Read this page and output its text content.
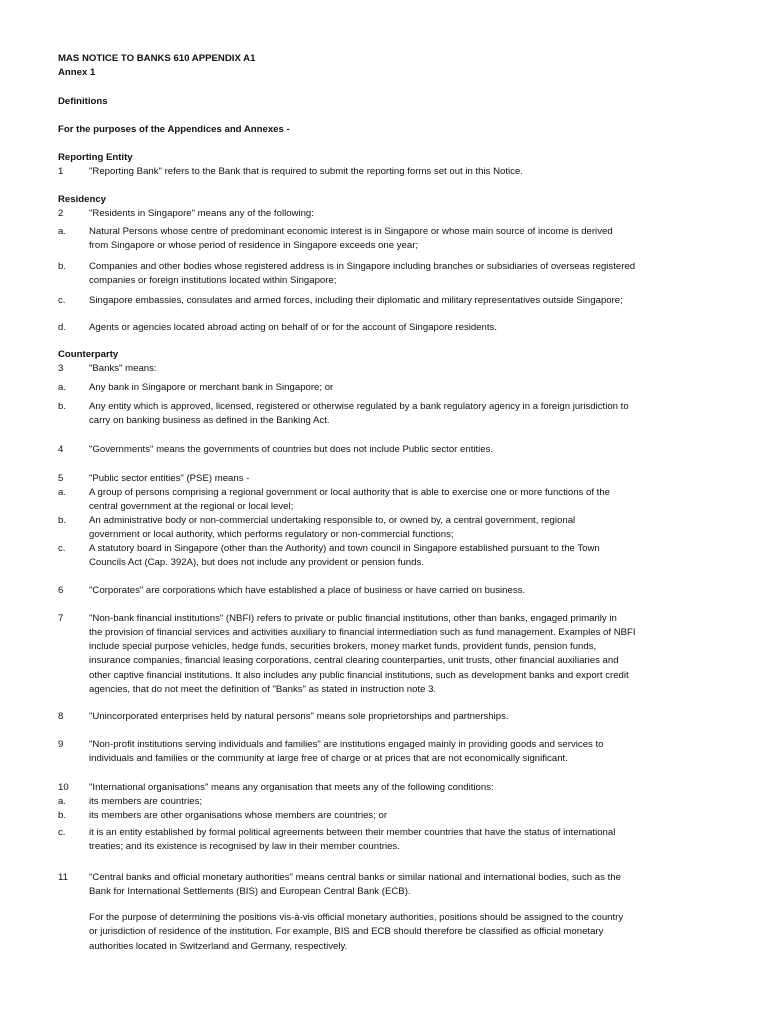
MAS NOTICE TO BANKS 610 APPENDIX A1
Annex 1
Definitions
For the purposes of the Appendices and Annexes -
Reporting Entity
1	"Reporting Bank" refers to the Bank that is required to submit the reporting forms set out in this Notice.
Residency
2	"Residents in Singapore" means any of the following:
a. Natural Persons whose centre of predominant economic interest is in Singapore or whose main source of income is derived
from Singapore or whose period of residence in Singapore exceeds one year;
b. Companies and other bodies whose registered address is in Singapore including branches or subsidiaries of overseas registered
companies or foreign institutions located within Singapore;
c. Singapore embassies, consulates and armed forces, including their diplomatic and military representatives outside Singapore;
d. Agents or agencies located abroad acting on behalf of or for the account of Singapore residents.
Counterparty
3	"Banks" means:
a. Any bank in Singapore or merchant bank in Singapore; or
b. Any entity which is approved, licensed, registered or otherwise regulated by a bank regulatory agency in a foreign jurisdiction to
carry on banking business as defined in the Banking Act.
4	"Governments" means the governments of countries but does not include Public sector entities.
5	"Public sector entities" (PSE) means -
a. A group of persons comprising a regional government or local authority that is able to exercise one or more functions of the
central government at the regional or local level;
b. An administrative body or non-commercial undertaking responsible to, or owned by, a central government, regional
government or local authority, which performs regulatory or non-commercial functions;
c. A statutory board in Singapore (other than the Authority) and town council in Singapore established pursuant to the Town
Councils Act (Cap. 392A), but does not include any provident or pension funds.
6	"Corporates" are corporations which have established a place of business or have carried on business.
7	"Non-bank financial institutions" (NBFI) refers to private or public financial institutions, other than banks, engaged primarily in
the provision of financial services and activities auxiliary to financial intermediation such as fund management. Examples of NBFI
include special purpose vehicles, hedge funds, securities brokers, money market funds, provident funds, pension funds,
insurance companies, financial leasing corporations, central clearing counterparties, unit trusts, other financial auxiliaries and
other captive financial institutions. It also includes any public financial institutions, such as development banks and export credit
agencies, that do not meet the definition of "Banks" as stated in instruction note 3.
8	"Unincorporated enterprises held by natural persons" means sole proprietorships and partnerships.
9	"Non-profit institutions serving individuals and families" are institutions engaged mainly in providing goods and services to
individuals and families or the community at large free of charge or at prices that are not economically significant.
10 "International organisations" means any organisation that meets any of the following conditions:
a. its members are countries;
b. its members are other organisations whose members are countries; or
c. it is an entity established by formal political agreements between their member countries that have the status of international
treaties; and its existence is recognised by law in their member countries.
11 "Central banks and official monetary authorities" means central banks or similar national and international bodies, such as the
Bank for International Settlements (BIS) and European Central Bank (ECB).
For the purpose of determining the positions vis-à-vis official monetary authorities, positions should be assigned to the country
or jurisdiction of residence of the institution. For example, BIS and ECB should therefore be classified as official monetary
authorities located in Switzerland and Germany, respectively.
